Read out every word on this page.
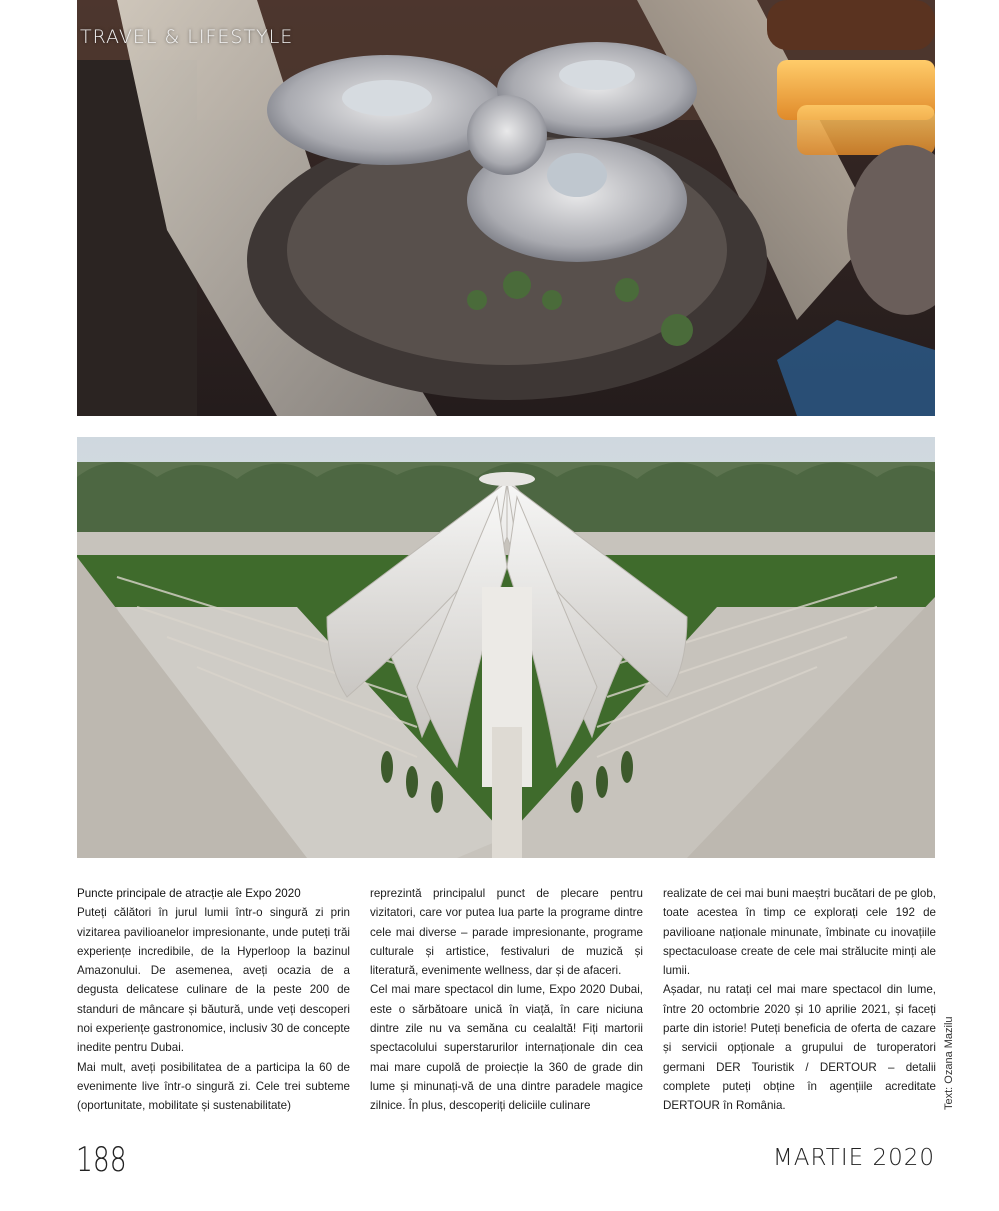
TRAVEL & LIFESTYLE

Puncte principale de atracție ale Expo 2020

Puteți călători în jurul lumii într-o singură zi prin vizitarea pavilioanelor impresionante, unde puteți trăi experiențe incredibile, de la Hyperloop la bazinul Amazonului. De asemenea, aveți ocazia de a degusta delicatese culinare de la peste 200 de standuri de mâncare și băutură, unde veți descoperi noi experiențe gastronomice, inclusiv 30 de concepte inedite pentru Dubai.

Mai mult, aveți posibilitatea de a participa la 60 de evenimente live într-o singură zi. Cele trei subteme (oportunitate, mobilitate și sustenabilitate)

reprezintă principalul punct de plecare pentru vizitatori, care vor putea lua parte la programe dintre cele mai diverse – parade impresionante, programe culturale și artistice, festivaluri de muzică și literatură, evenimente wellness, dar și de afaceri.

Cel mai mare spectacol din lume, Expo 2020 Dubai, este o sărbătoare unică în viață, în care niciuna dintre zile nu va semăna cu cealaltă! Fiți martorii spectacolului superstarurilor internaționale din cea mai mare cupolă de proiecție la 360 de grade din lume și minunați-vă de una dintre paradele magice zilnice. În plus, descoperiți deliciile culinare

realizate de cei mai buni maeștri bucătari de pe glob, toate acestea în timp ce explorați cele 192 de pavilioane naționale minunate, îmbinate cu inovațiile spectaculoase create de cele mai strălucite minți ale lumii.

Așadar, nu ratați cel mai mare spectacol din lume, între 20 octombrie 2020 și 10 aprilie 2021, și faceți parte din istorie! Puteți beneficia de oferta de cazare și servicii opționale a grupului de turoperatori germani DER Touristik / DERTOUR – detalii complete puteți obține în agențiile acreditate DERTOUR în România.	Text: Ozana Mazilu
188	MARTIE 2020
